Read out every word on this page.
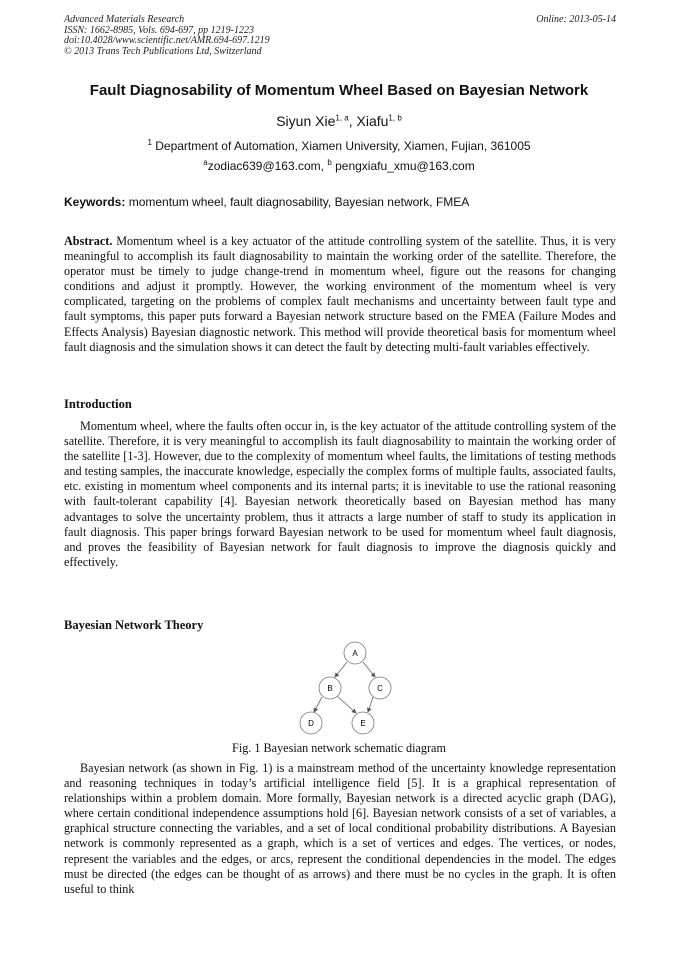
Advanced Materials Research
ISSN: 1662-8985, Vols. 694-697, pp 1219-1223
doi:10.4028/www.scientific.net/AMR.694-697.1219
© 2013 Trans Tech Publications Ltd, Switzerland
Online: 2013-05-14
Fault Diagnosability of Momentum Wheel Based on Bayesian Network
Siyun Xie$^{1, a}$, Xiafu$^{1, b}$
$^1$ Department of Automation, Xiamen University, Xiamen, Fujian, 361005
$^a$zodiac639@163.com, $^b$ pengxiafu_xmu@163.com
Keywords: momentum wheel, fault diagnosability, Bayesian network, FMEA
Abstract. Momentum wheel is a key actuator of the attitude controlling system of the satellite. Thus, it is very meaningful to accomplish its fault diagnosability to maintain the working order of the satellite. Therefore, the operator must be timely to judge change-trend in momentum wheel, figure out the reasons for changing conditions and adjust it promptly. However, the working environment of the momentum wheel is very complicated, targeting on the problems of complex fault mechanisms and uncertainty between fault type and fault symptoms, this paper puts forward a Bayesian network structure based on the FMEA (Failure Modes and Effects Analysis) Bayesian diagnostic network. This method will provide theoretical basis for momentum wheel fault diagnosis and the simulation shows it can detect the fault by detecting multi-fault variables effectively.
Introduction
Momentum wheel, where the faults often occur in, is the key actuator of the attitude controlling system of the satellite. Therefore, it is very meaningful to accomplish its fault diagnosability to maintain the working order of the satellite [1-3]. However, due to the complexity of momentum wheel faults, the limitations of testing methods and testing samples, the inaccurate knowledge, especially the complex forms of multiple faults, associated faults, etc. existing in momentum wheel components and its internal parts; it is inevitable to use the rational reasoning with fault-tolerant capability [4]. Bayesian network theoretically based on Bayesian method has many advantages to solve the uncertainty problem, thus it attracts a large number of staff to study its application in fault diagnosis. This paper brings forward Bayesian network to be used for momentum wheel fault diagnosis, and proves the feasibility of Bayesian network for fault diagnosis to improve the diagnosis quickly and effectively.
Bayesian Network Theory
A
B	C
D	E
Fig. 1 Bayesian network schematic diagram
Bayesian network (as shown in Fig. 1) is a mainstream method of the uncertainty knowledge representation and reasoning techniques in today’s artificial intelligence field [5]. It is a graphical representation of relationships within a problem domain. More formally, Bayesian network is a directed acyclic graph (DAG), where certain conditional independence assumptions hold [6]. Bayesian network consists of a set of variables, a graphical structure connecting the variables, and a set of local conditional probability distributions. A Bayesian network is commonly represented as a graph, which is a set of vertices and edges. The vertices, or nodes, represent the variables and the edges, or arcs, represent the conditional dependencies in the model. The edges must be directed (the edges can be thought of as arrows) and there must be no cycles in the graph. It is often useful to think
